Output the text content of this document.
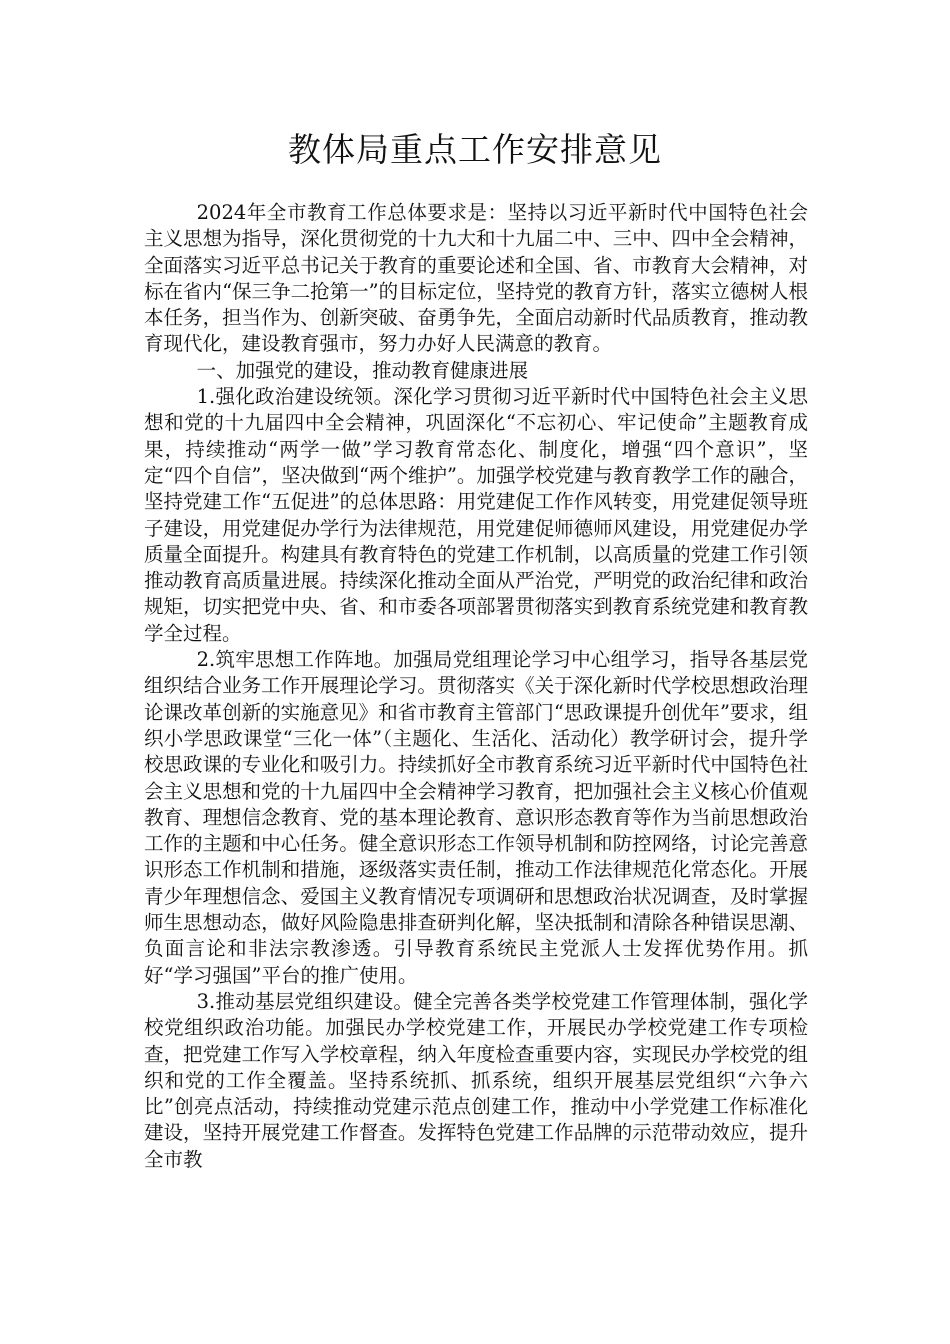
教体局重点工作安排意见

2024年全市教育工作总体要求是：坚持以习近平新时代中国特色社会主义思想为指导，深化贯彻党的十九大和十九届二中、三中、四中全会精神，全面落实习近平总书记关于教育的重要论述和全国、省、市教育大会精神，对标在省内“保三争二抢第一”的目标定位，坚持党的教育方针，落实立德树人根本任务，担当作为、创新突破、奋勇争先，全面启动新时代品质教育，推动教育现代化，建设教育强市，努力办好人民满意的教育。

一、加强党的建设，推动教育健康进展

1.强化政治建设统领。深化学习贯彻习近平新时代中国特色社会主义思想和党的十九届四中全会精神，巩固深化“不忘初心、牢记使命”主题教育成果，持续推动“两学一做”学习教育常态化、制度化，增强“四个意识”，坚定“四个自信”，坚决做到“两个维护”。加强学校党建与教育教学工作的融合，坚持党建工作“五促进”的总体思路：用党建促工作作风转变，用党建促领导班子建设，用党建促办学行为法律规范，用党建促师德师风建设，用党建促办学质量全面提升。构建具有教育特色的党建工作机制，以高质量的党建工作引领推动教育高质量进展。持续深化推动全面从严治党，严明党的政治纪律和政治规矩，切实把党中央、省、和市委各项部署贯彻落实到教育系统党建和教育教学全过程。

2.筑牢思想工作阵地。加强局党组理论学习中心组学习，指导各基层党组织结合业务工作开展理论学习。贯彻落实《关于深化新时代学校思想政治理论课改革创新的实施意见》和省市教育主管部门“思政课提升创优年”要求，组织小学思政课堂“三化一体”（主题化、生活化、活动化）教学研讨会，提升学校思政课的专业化和吸引力。持续抓好全市教育系统习近平新时代中国特色社会主义思想和党的十九届四中全会精神学习教育，把加强社会主义核心价值观教育、理想信念教育、党的基本理论教育、意识形态教育等作为当前思想政治工作的主题和中心任务。健全意识形态工作领导机制和防控网络，讨论完善意识形态工作机制和措施，逐级落实责任制，推动工作法律规范化常态化。开展青少年理想信念、爱国主义教育情况专项调研和思想政治状况调查，及时掌握师生思想动态，做好风险隐患排查研判化解，坚决抵制和清除各种错误思潮、负面言论和非法宗教渗透。引导教育系统民主党派人士发挥优势作用。抓好“学习强国”平台的推广使用。

3.推动基层党组织建设。健全完善各类学校党建工作管理体制，强化学校党组织政治功能。加强民办学校党建工作，开展民办学校党建工作专项检查，把党建工作写入学校章程，纳入年度检查重要内容，实现民办学校党的组织和党的工作全覆盖。坚持系统抓、抓系统，组织开展基层党组织“六争六比”创亮点活动，持续推动党建示范点创建工作，推动中小学党建工作标准化建设，坚持开展党建工作督查。发挥特色党建工作品牌的示范带动效应，提升全市教
